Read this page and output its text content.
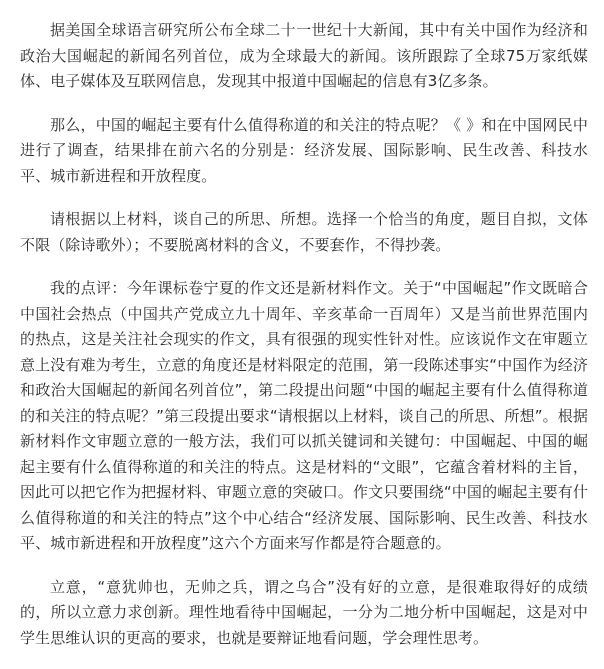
据美国全球语言研究所公布全球二十一世纪十大新闻，其中有关中国作为经济和政治大国崛起的新闻名列首位，成为全球最大的新闻。该所跟踪了全球75万家纸媒体、电子媒体及互联网信息，发现其中报道中国崛起的信息有3亿多条。

那么，中国的崛起主要有什么值得称道的和关注的特点呢？《 》和在中国网民中进行了调查，结果排在前六名的分别是：经济发展、国际影响、民生改善、科技水平、城市新进程和开放程度。

请根据以上材料，谈自己的所思、所想。选择一个恰当的角度，题目自拟，文体不限（除诗歌外）；不要脱离材料的含义，不要套作，不得抄袭。

我的点评：今年课标卷宁夏的作文还是新材料作文。关于“中国崛起”作文既暗合中国社会热点（中国共产党成立九十周年、辛亥革命一百周年）又是当前世界范围内的热点，这是关注社会现实的作文，具有很强的现实性针对性。应该说作文在审题立意上没有难为考生，立意的角度还是材料限定的范围，第一段陈述事实“中国作为经济和政治大国崛起的新闻名列首位”，第二段提出问题“中国的崛起主要有什么值得称道的和关注的特点呢？”第三段提出要求“请根据以上材料，谈自己的所思、所想”。根据新材料作文审题立意的一般方法，我们可以抓关键词和关键句：中国崛起、中国的崛起主要有什么值得称道的和关注的特点。这是材料的“文眼”，它蕴含着材料的主旨，因此可以把它作为把握材料、审题立意的突破口。作文只要围绕“中国的崛起主要有什么值得称道的和关注的特点”这个中心结合“经济发展、国际影响、民生改善、科技水平、城市新进程和开放程度”这六个方面来写作都是符合题意的。

立意，“意犹帅也，无帅之兵，谓之乌合”没有好的立意，是很难取得好的成绩的，所以立意力求创新。理性地看待中国崛起，一分为二地分析中国崛起，这是对中学生思维认识的更高的要求，也就是要辩证地看问题，学会理性思考。
